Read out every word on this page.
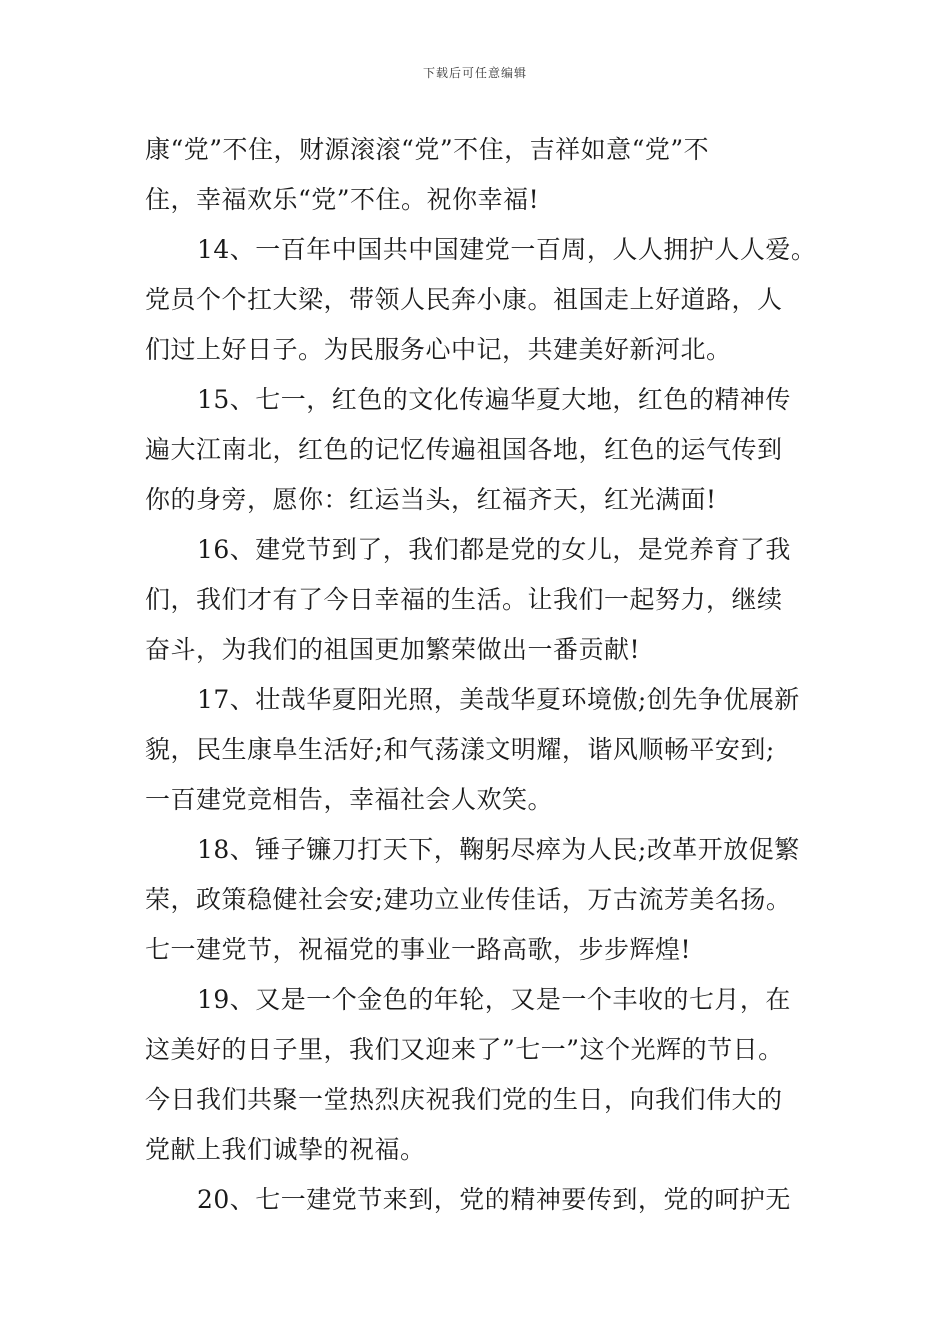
下载后可任意编辑
康“党”不住，财源滚滚“党”不住，吉祥如意“党”不
住，幸福欢乐“党”不住。祝你幸福!
14、一百年中国共中国建党一百周，人人拥护人人爱。
党员个个扛大梁，带领人民奔小康。祖国走上好道路，人
们过上好日子。为民服务心中记，共建美好新河北。
15、七一，红色的文化传遍华夏大地，红色的精神传
遍大江南北，红色的记忆传遍祖国各地，红色的运气传到
你的身旁，愿你：红运当头，红福齐天，红光满面!
16、建党节到了，我们都是党的女儿，是党养育了我
们，我们才有了今日幸福的生活。让我们一起努力，继续
奋斗，为我们的祖国更加繁荣做出一番贡献!
17、壮哉华夏阳光照，美哉华夏环境傲;创先争优展新
貌，民生康阜生活好;和气荡漾文明耀，谐风顺畅平安到;
一百建党竞相告，幸福社会人欢笑。
18、锤子镰刀打天下，鞠躬尽瘁为人民;改革开放促繁
荣，政策稳健社会安;建功立业传佳话，万古流芳美名扬。
七一建党节，祝福党的事业一路高歌，步步辉煌!
19、又是一个金色的年轮，又是一个丰收的七月，在
这美好的日子里，我们又迎来了”七一”这个光辉的节日。
今日我们共聚一堂热烈庆祝我们党的生日，向我们伟大的
党献上我们诚挚的祝福。
20、七一建党节来到，党的精神要传到，党的呵护无
